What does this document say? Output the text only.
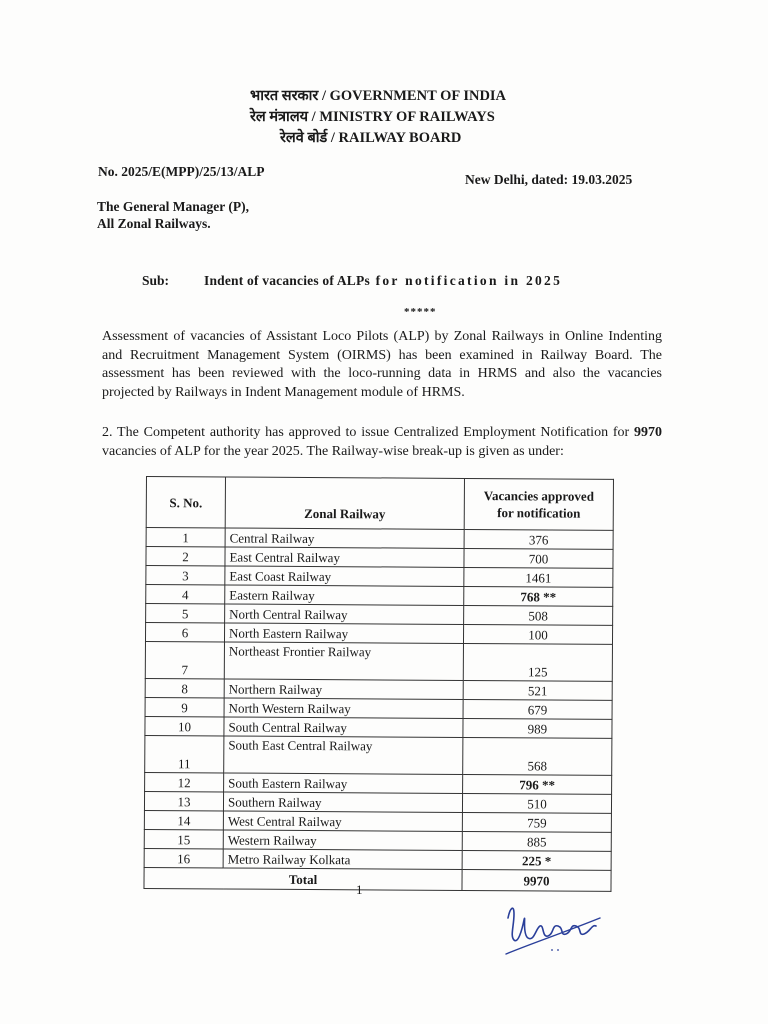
भारत सरकार / GOVERNMENT OF INDIA
रेल मंत्रालय / MINISTRY OF RAILWAYS
रेलवे बोर्ड / RAILWAY BOARD
No. 2025/E(MPP)/25/13/ALP
New Delhi, dated: 19.03.2025
The General Manager (P),
All Zonal Railways.
Sub:	Indent of vacancies of ALPs for notification in 2025
*****
Assessment of vacancies of Assistant Loco Pilots (ALP) by Zonal Railways in Online Indenting and Recruitment Management System (OIRMS) has been examined in Railway Board. The assessment has been reviewed with the loco-running data in HRMS and also the vacancies projected by Railways in Indent Management module of HRMS.
2. The Competent authority has approved to issue Centralized Employment Notification for 9970 vacancies of ALP for the year 2025. The Railway-wise break-up is given as under:
S. No.	Zonal Railway	Vacancies approved
for notification

1	Central Railway	376
2	East Central Railway	700
3	East Coast Railway	1461
4	Eastern Railway	768 **
5	North Central Railway	508
6	North Eastern Railway	100
7	Northeast Frontier Railway	125
8	Northern Railway	521
9	North Western Railway	679
10	South Central Railway	989
11	South East Central Railway	568
12	South Eastern Railway	796 **
13	Southern Railway	510
14	West Central Railway	759
15	Western Railway	885
16	Metro Railway Kolkata	225 *
Total		9970
1
